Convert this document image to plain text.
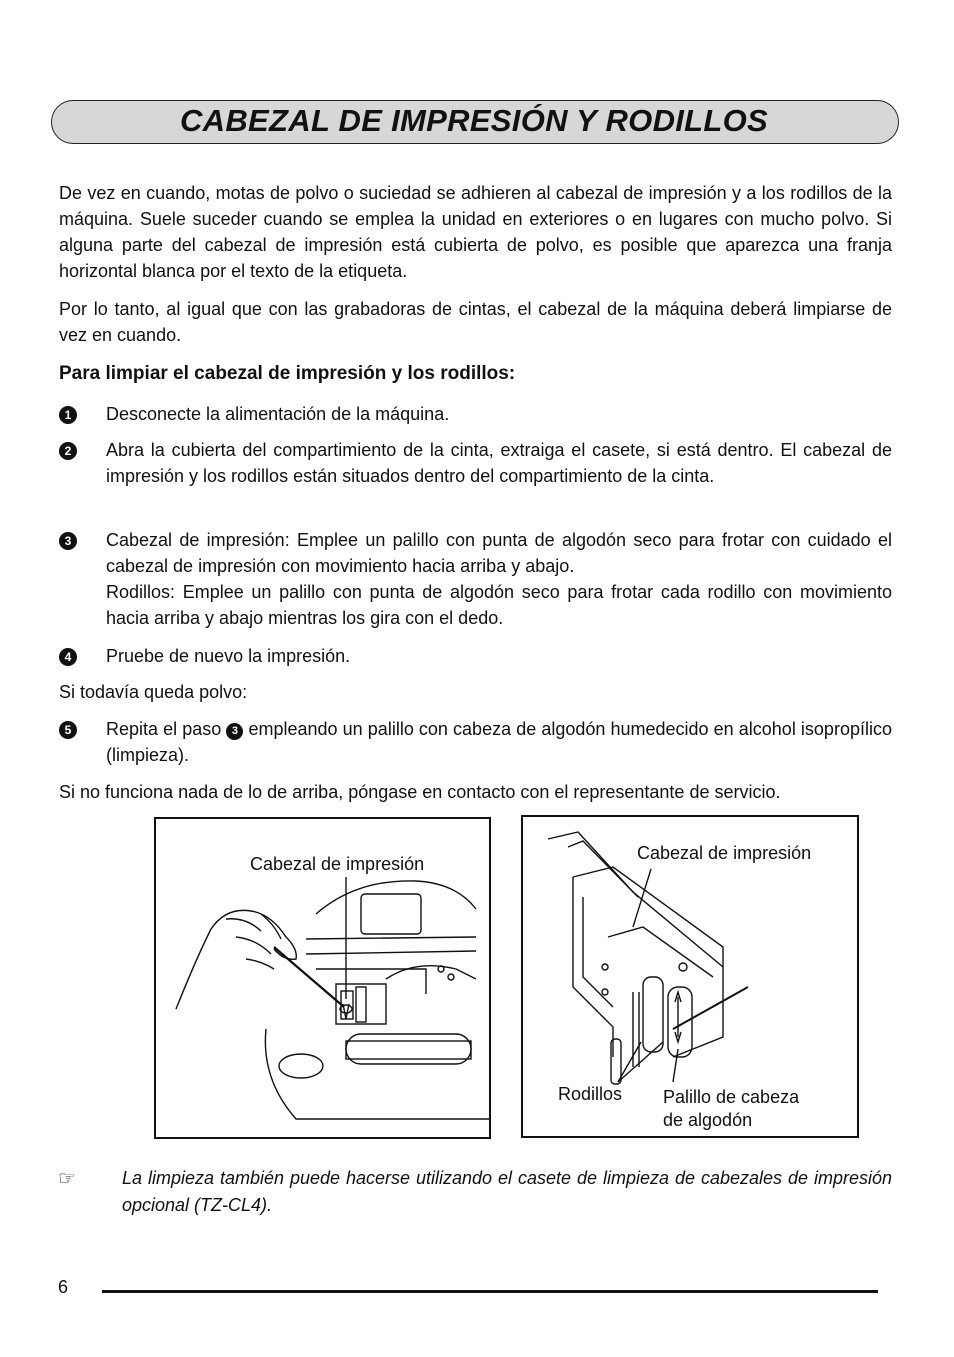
CABEZAL DE IMPRESIÓN Y RODILLOS
De vez en cuando, motas de polvo o suciedad se adhieren al cabezal de impresión y a los rodillos de la máquina. Suele suceder cuando se emplea la unidad en exteriores o en lugares con mucho polvo. Si alguna parte del cabezal de impresión está cubierta de polvo, es posible que aparezca una franja horizontal blanca por el texto de la etiqueta.
Por lo tanto, al igual que con las grabadoras de cintas, el cabezal de la máquina deberá limpiarse de vez en cuando.
Para limpiar el cabezal de impresión y los rodillos:
1	Desconecte la alimentación de la máquina.
2	Abra la cubierta del compartimiento de la cinta, extraiga el casete, si está dentro. El cabezal de impresión y los rodillos están situados dentro del compartimiento de la cinta.
3	Cabezal de impresión: Emplee un palillo con punta de algodón seco para frotar con cuidado el cabezal de impresión con movimiento hacia arriba y abajo.
Rodillos: Emplee un palillo con punta de algodón seco para frotar cada rodillo con movimiento hacia arriba y abajo mientras los gira con el dedo.
4	Pruebe de nuevo la impresión.
Si todavía queda polvo:
5	Repita el paso 3 empleando un palillo con cabeza de algodón humedecido en alcohol isopropílico (limpieza).
Si no funciona nada de lo de arriba, póngase en contacto con el representante de servicio.
Cabezal de impresión
Cabezal de impresión
Rodillos Palillo de cabeza
de algodón
☞	La limpieza también puede hacerse utilizando el casete de limpieza de cabezales de impresión opcional (TZ-CL4).
6
